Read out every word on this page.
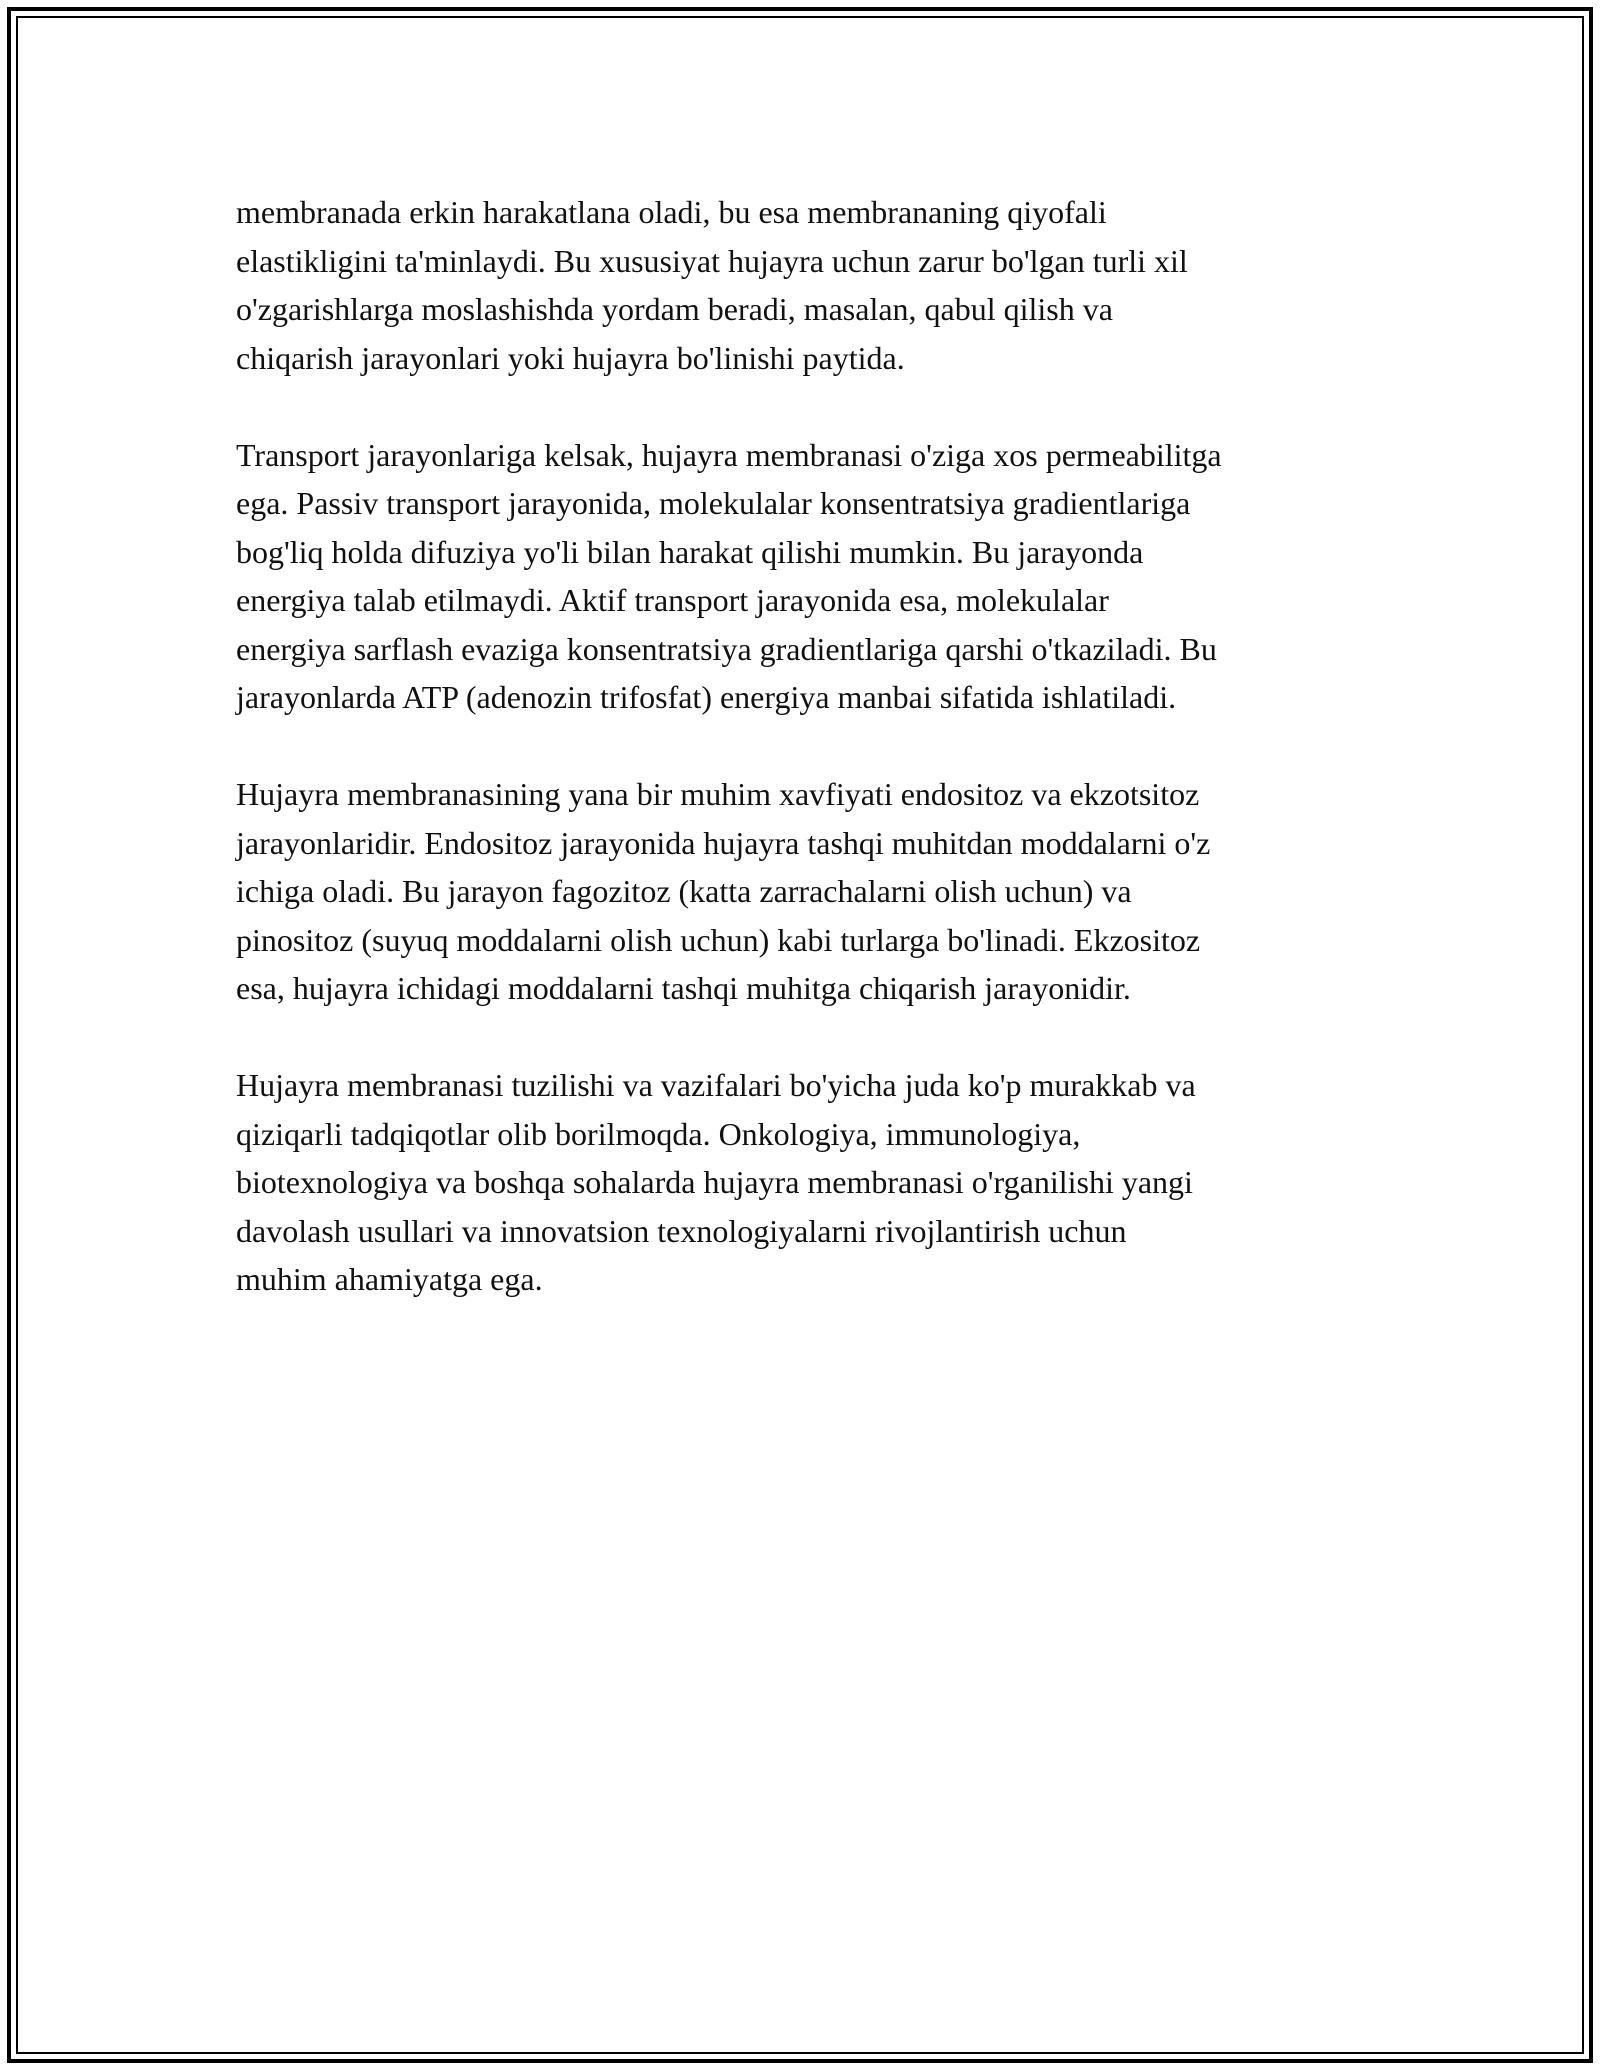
membranada erkin harakatlana oladi, bu esa membrananing qiyofali
elastikligini ta'minlaydi. Bu xususiyat hujayra uchun zarur bo'lgan turli xil
o'zgarishlarga moslashishda yordam beradi, masalan, qabul qilish va
chiqarish jarayonlari yoki hujayra bo'linishi paytida.

Transport jarayonlariga kelsak, hujayra membranasi o'ziga xos permeabilitga
ega. Passiv transport jarayonida, molekulalar konsentratsiya gradientlariga
bog'liq holda difuziya yo'li bilan harakat qilishi mumkin. Bu jarayonda
energiya talab etilmaydi. Aktif transport jarayonida esa, molekulalar
energiya sarflash evaziga konsentratsiya gradientlariga qarshi o'tkaziladi. Bu
jarayonlarda ATP (adenozin trifosfat) energiya manbai sifatida ishlatiladi.

Hujayra membranasining yana bir muhim xavfiyati endositoz va ekzotsitoz
jarayonlaridir. Endositoz jarayonida hujayra tashqi muhitdan moddalarni o'z
ichiga oladi. Bu jarayon fagozitoz (katta zarrachalarni olish uchun) va
pinositoz (suyuq moddalarni olish uchun) kabi turlarga bo'linadi. Ekzositoz
esa, hujayra ichidagi moddalarni tashqi muhitga chiqarish jarayonidir.

Hujayra membranasi tuzilishi va vazifalari bo'yicha juda ko'p murakkab va
qiziqarli tadqiqotlar olib borilmoqda. Onkologiya, immunologiya,
biotexnologiya va boshqa sohalarda hujayra membranasi o'rganilishi yangi
davolash usullari va innovatsion texnologiyalarni rivojlantirish uchun
muhim ahamiyatga ega.
